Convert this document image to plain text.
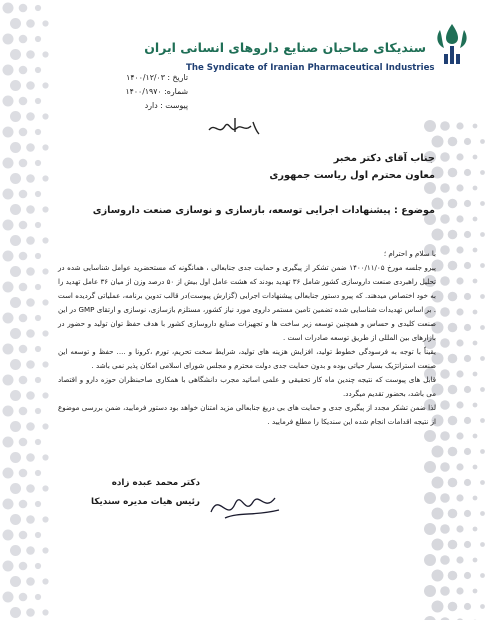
سندیکای صاحبان صنایع داروهای انسانی ایران
The Syndicate of Iranian Pharmaceutical Industries
تاریخ : ۱۴۰۰/۱۲/۰۳
شماره: ۱۴۰۰/۱۹۷۰
پیوست : دارد
جناب آقای دکتر مخبر
معاون محترم اول ریاست جمهوری
موضوع : پیشنهادات اجرایی توسعه، بازسازی و نوسازی صنعت داروسازی

با سلام و احترام ؛

پیرو جلسه مورخ ۱۴۰۰/۱۱/۰۵ ضمن تشکر از پیگیری و حمایت جدی جنابعالی ، همانگونه که مستحضرید عوامل شناسایی شده در تحلیل راهبردی صنعت داروسازی کشور شامل ۳۶ تهدید بودند که هشت عامل اول بیش از ۵۰ درصد وزن از میان ۳۶ عامل تهدید را به خود اختصاص میدهند. که پیرو دستور جنابعالی پیشنهادات اجرایی (گزارش پیوست)در قالب تدوین برنامه، عملیاتی گردیده است . بر اساس تهدیدات شناسایی شده تضمین تامین مستمر داروی مورد نیاز کشور، مستلزم بازسازی، نوسازی و ارتقای GMP در این صنعت کلیدی و حساس و همچنین توسعه زیر ساخت ها و تجهیزات صنایع داروسازی کشور با هدف حفظ توان تولید و حضور در بازارهای بین المللی از طریق توسعه صادرات است .

یقیناً با توجه به فرسودگی خطوط تولید، افزایش هزینه های تولید، شرایط سخت تحریم، تورم ،کرونا و .... حفظ و توسعه این صنعت استراتژیک بسیار حیاتی بوده و بدون حمایت جدی دولت محترم و مجلس شورای اسلامی امکان پذیر نمی باشد .

قابل های پیوست که نتیجه چندین ماه کار تحقیقی و علمی اساتید مجرب دانشگاهی با همکاری صاحبنظران حوزه دارو و اقتصاد می باشد، بحضور تقدیم میگردد.

لذا ضمن تشکر مجدد از پیگیری جدی و حمایت های بی دریغ جنابعالی مزید امتنان خواهد بود دستور فرمایید، ضمن بررسی موضوع از نتیجه اقدامات انجام شده این سندیکا را مطلع فرمایید .

دکتر محمد عبده زاده
رئیس هیات مدیره سندیکا
